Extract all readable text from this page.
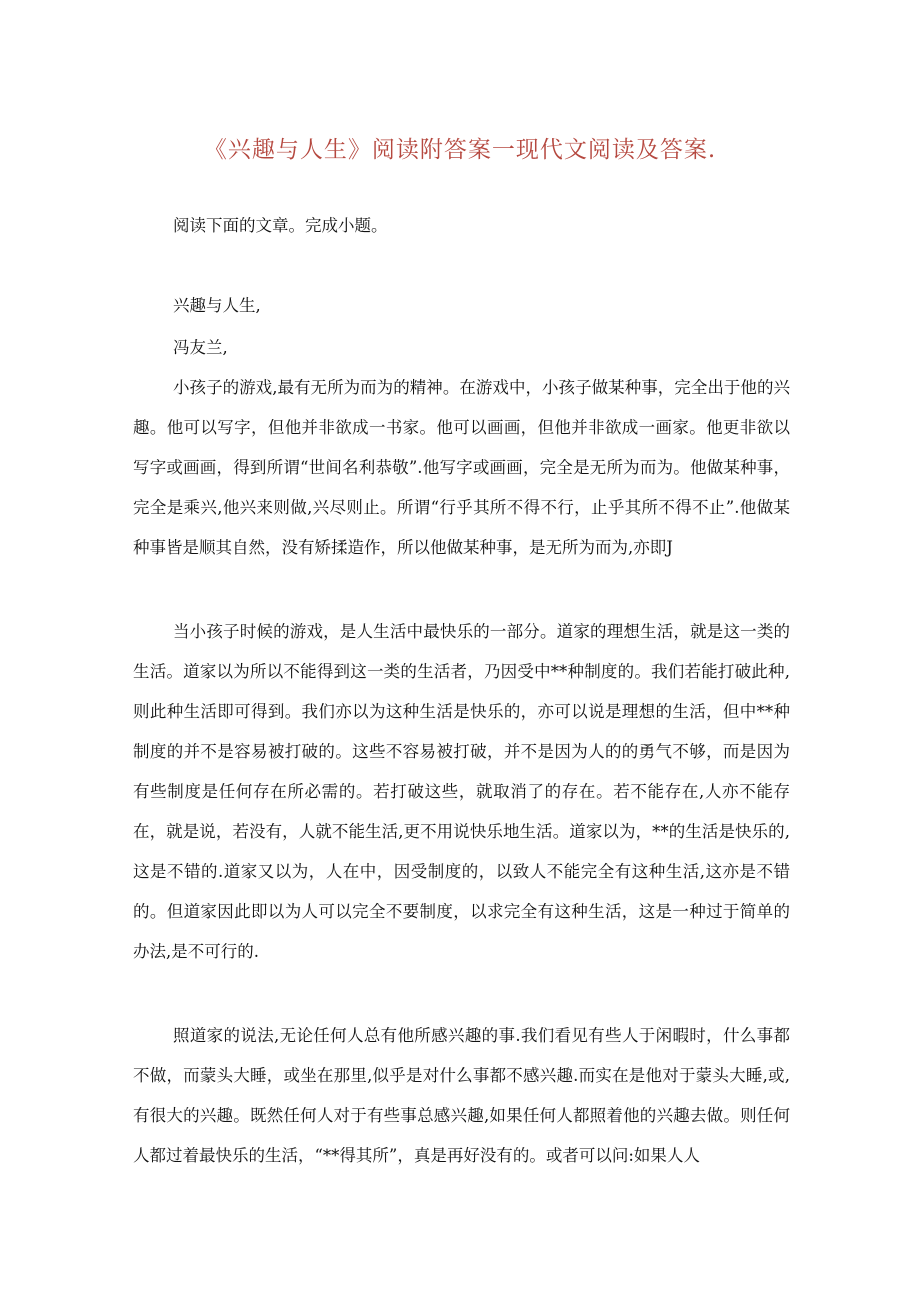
《兴趣与人生》阅读附答案一现代文阅读及答案.

阅读下面的文章。完成小题。

兴趣与人生,

冯友兰,

小孩子的游戏,最有无所为而为的精神。在游戏中，小孩子做某种事，完全出于他的兴趣。他可以写字，但他并非欲成一书家。他可以画画，但他并非欲成一画家。他更非欲以写字或画画，得到所谓“世间名利恭敬”.他写字或画画，完全是无所为而为。他做某种事，完全是乘兴,他兴来则做,兴尽则止。所谓“行乎其所不得不行，止乎其所不得不止”.他做某种事皆是顺其自然，没有矫揉造作，所以他做某种事，是无所为而为,亦即J

当小孩子时候的游戏，是人生活中最快乐的一部分。道家的理想生活，就是这一类的生活。道家以为所以不能得到这一类的生活者，乃因受中**种制度的。我们若能打破此种,则此种生活即可得到。我们亦以为这种生活是快乐的，亦可以说是理想的生活，但中**种制度的并不是容易被打破的。这些不容易被打破，并不是因为人的的勇气不够，而是因为有些制度是任何存在所必需的。若打破这些，就取消了的存在。若不能存在,人亦不能存在，就是说，若没有，人就不能生活,更不用说快乐地生活。道家以为，**的生活是快乐的,这是不错的.道家又以为，人在中，因受制度的，以致人不能完全有这种生活,这亦是不错的。但道家因此即以为人可以完全不要制度，以求完全有这种生活，这是一种过于简单的办法,是不可行的.

照道家的说法,无论任何人总有他所感兴趣的事.我们看见有些人于闲暇时，什么事都不做，而蒙头大睡，或坐在那里,似乎是对什么事都不感兴趣.而实在是他对于蒙头大睡,或,有很大的兴趣。既然任何人对于有些事总感兴趣,如果任何人都照着他的兴趣去做。则任何人都过着最快乐的生活，“**得其所”，真是再好没有的。或者可以问:如果人人
